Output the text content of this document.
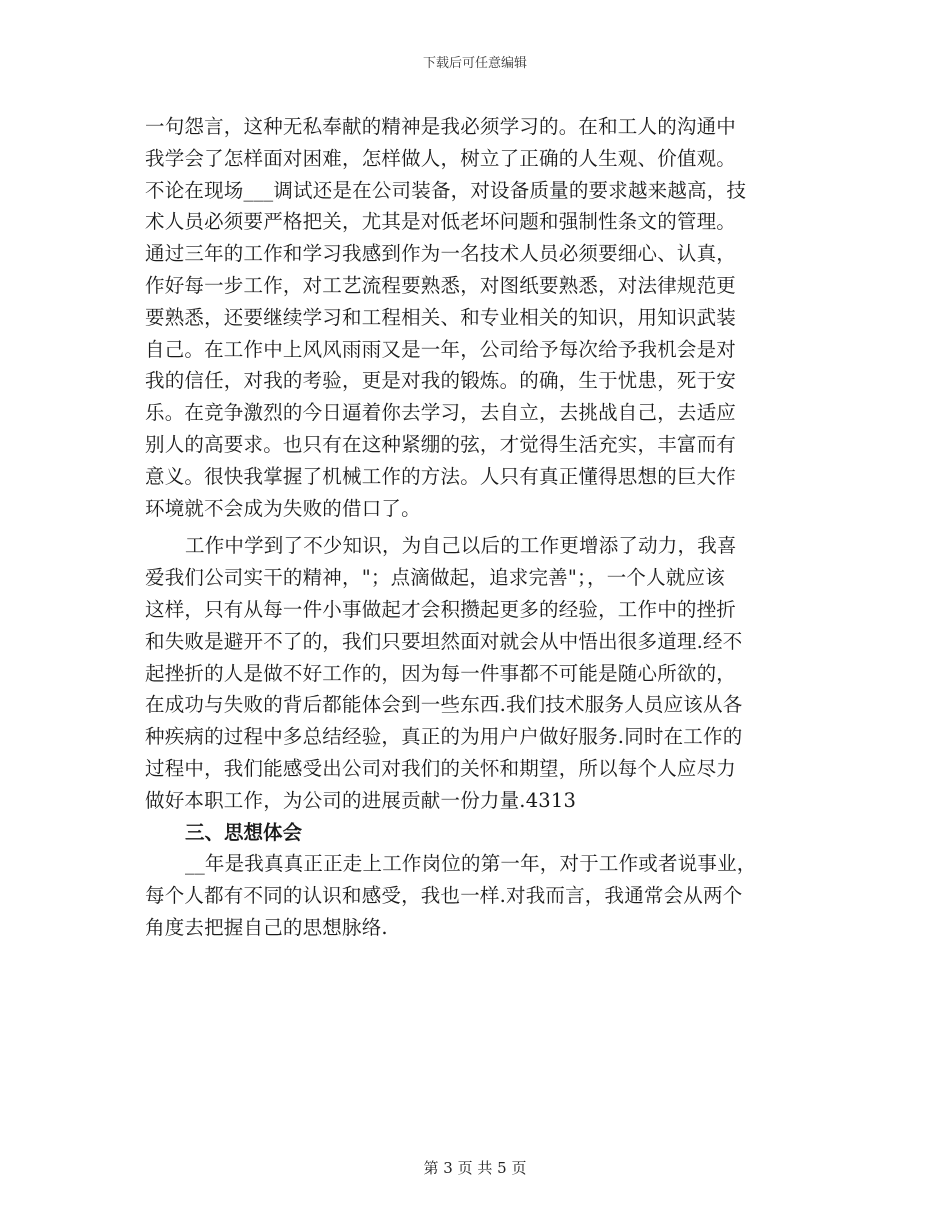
下载后可任意编辑
一句怨言，这种无私奉献的精神是我必须学习的。在和工人的沟通中
我学会了怎样面对困难，怎样做人，树立了正确的人生观、价值观。
不论在现场___调试还是在公司装备，对设备质量的要求越来越高，技
术人员必须要严格把关，尤其是对低老坏问题和强制性条文的管理。
通过三年的工作和学习我感到作为一名技术人员必须要细心、认真，
作好每一步工作，对工艺流程要熟悉，对图纸要熟悉，对法律规范更
要熟悉，还要继续学习和工程相关、和专业相关的知识，用知识武装
自己。在工作中上风风雨雨又是一年，公司给予每次给予我机会是对
我的信任，对我的考验，更是对我的锻炼。的确，生于忧患，死于安
乐。在竞争激烈的今日逼着你去学习，去自立，去挑战自己，去适应
别人的高要求。也只有在这种紧绷的弦，才觉得生活充实，丰富而有
意义。很快我掌握了机械工作的方法。人只有真正懂得思想的巨大作
环境就不会成为失败的借口了。
工作中学到了不少知识，为自己以后的工作更增添了动力，我喜
爱我们公司实干的精神，"；点滴做起，追求完善"；，一个人就应该
这样，只有从每一件小事做起才会积攒起更多的经验，工作中的挫折
和失败是避开不了的，我们只要坦然面对就会从中悟出很多道理.经不
起挫折的人是做不好工作的，因为每一件事都不可能是随心所欲的，
在成功与失败的背后都能体会到一些东西.我们技术服务人员应该从各
种疾病的过程中多总结经验，真正的为用户户做好服务.同时在工作的
过程中，我们能感受出公司对我们的关怀和期望，所以每个人应尽力
做好本职工作，为公司的进展贡献一份力量.4313
三、思想体会
__年是我真真正正走上工作岗位的第一年，对于工作或者说事业，
每个人都有不同的认识和感受，我也一样.对我而言，我通常会从两个
角度去把握自己的思想脉络.
第 3 页 共 5 页
